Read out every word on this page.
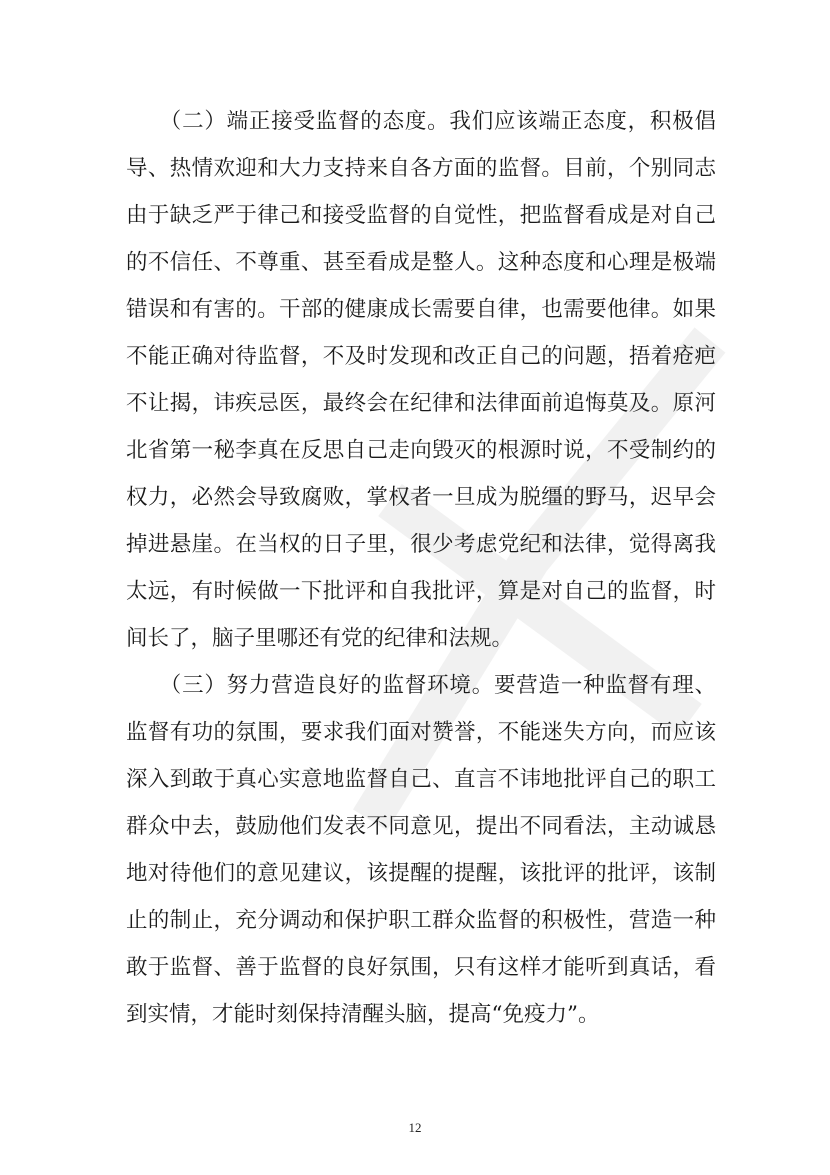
　　（二）端正接受监督的态度。我们应该端正态度，积极倡
导、热情欢迎和大力支持来自各方面的监督。目前，个别同志
由于缺乏严于律己和接受监督的自觉性，把监督看成是对自己
的不信任、不尊重、甚至看成是整人。这种态度和心理是极端
错误和有害的。干部的健康成长需要自律，也需要他律。如果
不能正确对待监督，不及时发现和改正自己的问题，捂着疮疤
不让揭，讳疾忌医，最终会在纪律和法律面前追悔莫及。原河
北省第一秘李真在反思自己走向毁灭的根源时说，不受制约的
权力，必然会导致腐败，掌权者一旦成为脱缰的野马，迟早会
掉进悬崖。在当权的日子里，很少考虑党纪和法律，觉得离我
太远，有时候做一下批评和自我批评，算是对自己的监督，时
间长了，脑子里哪还有党的纪律和法规。
　　（三）努力营造良好的监督环境。要营造一种监督有理、
监督有功的氛围，要求我们面对赞誉，不能迷失方向，而应该
深入到敢于真心实意地监督自己、直言不讳地批评自己的职工
群众中去，鼓励他们发表不同意见，提出不同看法，主动诚恳
地对待他们的意见建议，该提醒的提醒，该批评的批评，该制
止的制止，充分调动和保护职工群众监督的积极性，营造一种
敢于监督、善于监督的良好氛围，只有这样才能听到真话，看
到实情，才能时刻保持清醒头脑，提高“免疫力”。
12
